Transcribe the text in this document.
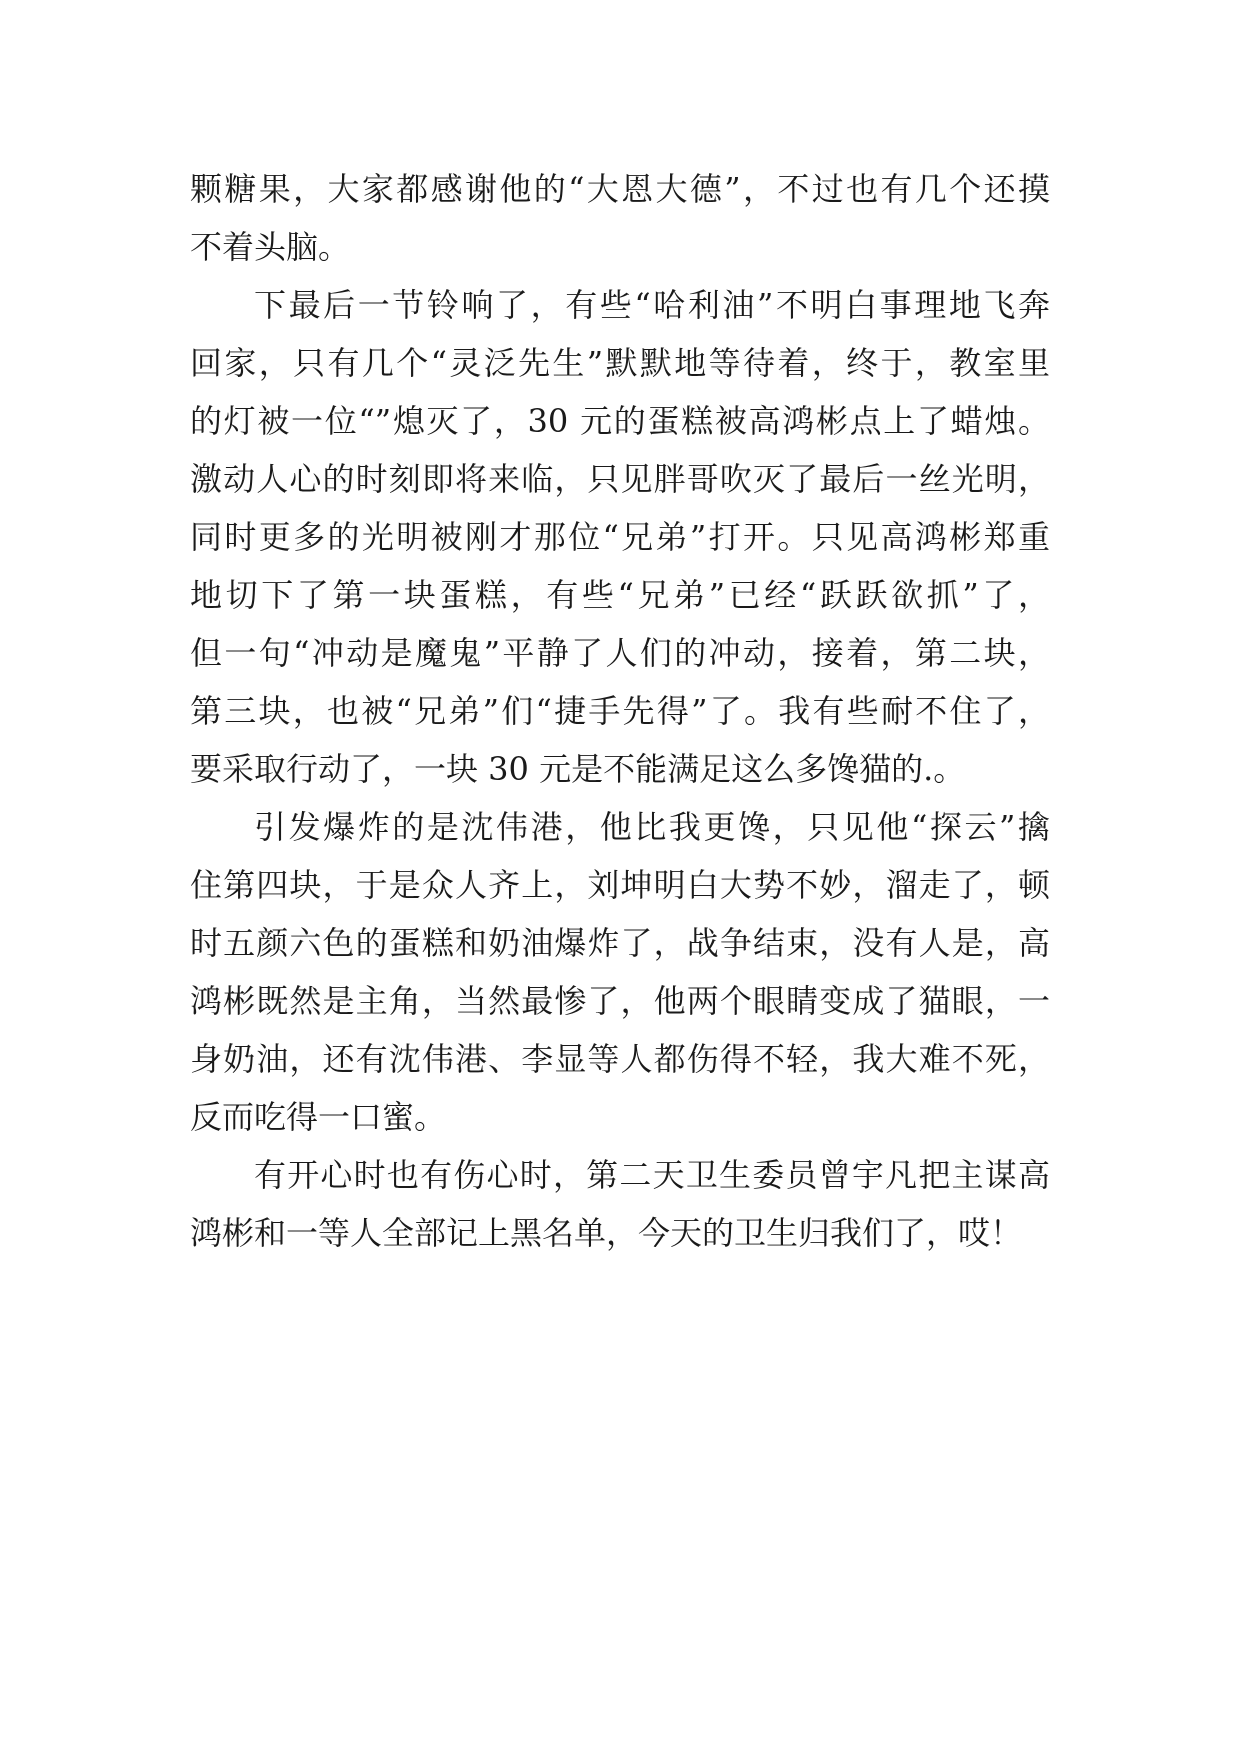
颗糖果，大家都感谢他的“大恩大德”，不过也有几个还摸
不着头脑。
下最后一节铃响了，有些“哈利油”不明白事理地飞奔
回家，只有几个“灵泛先生”默默地等待着，终于，教室里
的灯被一位“”熄灭了，30 元的蛋糕被高鸿彬点上了蜡烛。
激动人心的时刻即将来临，只见胖哥吹灭了最后一丝光明，
同时更多的光明被刚才那位“兄弟”打开。只见高鸿彬郑重
地切下了第一块蛋糕，有些“兄弟”已经“跃跃欲抓”了，
但一句“冲动是魔鬼”平静了人们的冲动，接着，第二块，
第三块，也被“兄弟”们“捷手先得”了。我有些耐不住了，
要采取行动了，一块 30 元是不能满足这么多馋猫的.。
引发爆炸的是沈伟港，他比我更馋，只见他“探云”擒
住第四块，于是众人齐上，刘坤明白大势不妙，溜走了，顿
时五颜六色的蛋糕和奶油爆炸了，战争结束，没有人是，高
鸿彬既然是主角，当然最惨了，他两个眼睛变成了猫眼，一
身奶油，还有沈伟港、李显等人都伤得不轻，我大难不死，
反而吃得一口蜜。
有开心时也有伤心时，第二天卫生委员曾宇凡把主谋高
鸿彬和一等人全部记上黑名单，今天的卫生归我们了，哎！
